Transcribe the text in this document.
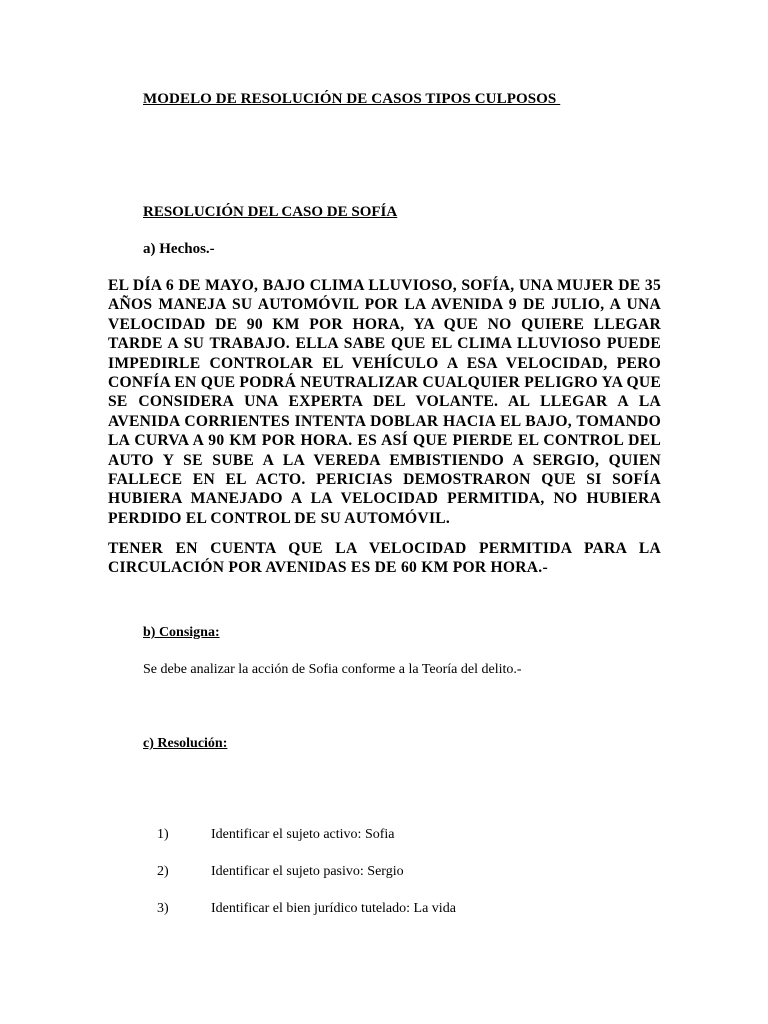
MODELO DE RESOLUCIÓN DE CASOS TIPOS CULPOSOS
RESOLUCIÓN DEL CASO DE SOFÍA
a) Hechos.-

EL DÍA 6 DE MAYO, BAJO CLIMA LLUVIOSO, SOFÍA, UNA MUJER DE 35 AÑOS MANEJA SU AUTOMÓVIL POR LA AVENIDA 9 DE JULIO, A UNA VELOCIDAD DE 90 KM POR HORA, YA QUE NO QUIERE LLEGAR TARDE A SU TRABAJO. ELLA SABE QUE EL CLIMA LLUVIOSO PUEDE IMPEDIRLE CONTROLAR EL VEHÍCULO A ESA VELOCIDAD, PERO CONFÍA EN QUE PODRÁ NEUTRALIZAR CUALQUIER PELIGRO YA QUE SE CONSIDERA UNA EXPERTA DEL VOLANTE. AL LLEGAR A LA AVENIDA CORRIENTES INTENTA DOBLAR HACIA EL BAJO, TOMANDO LA CURVA A 90 KM POR HORA. ES ASÍ QUE PIERDE EL CONTROL DEL AUTO Y SE SUBE A LA VEREDA EMBISTIENDO A SERGIO, QUIEN FALLECE EN EL ACTO. PERICIAS DEMOSTRARON QUE SI SOFÍA HUBIERA MANEJADO A LA VELOCIDAD PERMITIDA, NO HUBIERA PERDIDO EL CONTROL DE SU AUTOMÓVIL.

TENER EN CUENTA QUE LA VELOCIDAD PERMITIDA PARA LA CIRCULACIÓN POR AVENIDAS ES DE 60 KM POR HORA.-

b) Consigna:
Se debe analizar la acción de Sofia conforme a la Teoría del delito.-
c) Resolución:

1)	Identificar el sujeto activo: Sofia

2)	Identificar el sujeto pasivo: Sergio

3)	Identificar el bien jurídico tutelado: La vida
